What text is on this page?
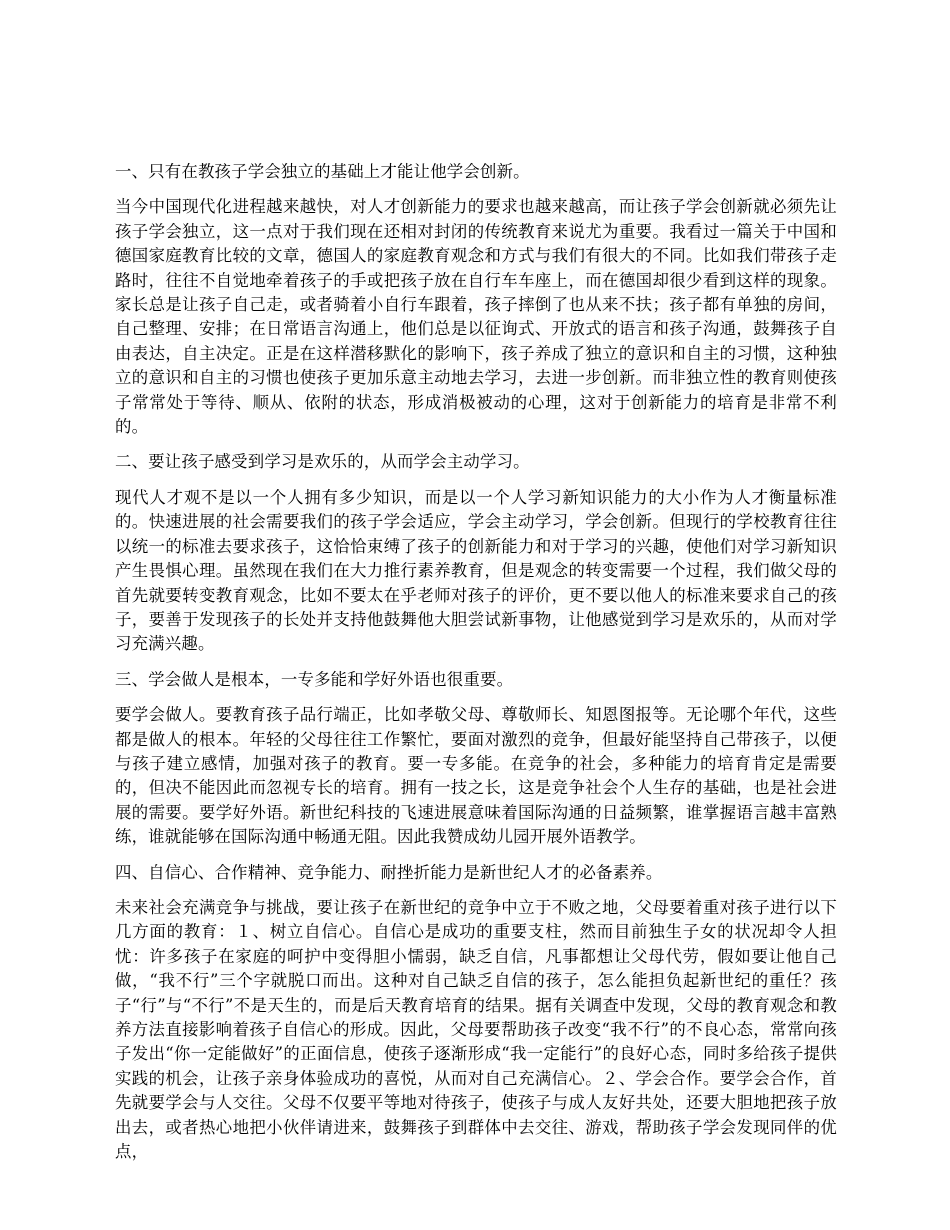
一、只有在教孩子学会独立的基础上才能让他学会创新。

当今中国现代化进程越来越快，对人才创新能力的要求也越来越高，而让孩子学会创新就必须先让孩子学会独立，这一点对于我们现在还相对封闭的传统教育来说尤为重要。我看过一篇关于中国和德国家庭教育比较的文章，德国人的家庭教育观念和方式与我们有很大的不同。比如我们带孩子走路时，往往不自觉地牵着孩子的手或把孩子放在自行车车座上，而在德国却很少看到这样的现象。家长总是让孩子自己走，或者骑着小自行车跟着，孩子摔倒了也从来不扶；孩子都有单独的房间，自己整理、安排；在日常语言沟通上，他们总是以征询式、开放式的语言和孩子沟通，鼓舞孩子自由表达，自主决定。正是在这样潜移默化的影响下，孩子养成了独立的意识和自主的习惯，这种独立的意识和自主的习惯也使孩子更加乐意主动地去学习，去进一步创新。而非独立性的教育则使孩子常常处于等待、顺从、依附的状态，形成消极被动的心理，这对于创新能力的培育是非常不利的。

二、要让孩子感受到学习是欢乐的，从而学会主动学习。

现代人才观不是以一个人拥有多少知识，而是以一个人学习新知识能力的大小作为人才衡量标准的。快速进展的社会需要我们的孩子学会适应，学会主动学习，学会创新。但现行的学校教育往往以统一的标准去要求孩子，这恰恰束缚了孩子的创新能力和对于学习的兴趣，使他们对学习新知识产生畏惧心理。虽然现在我们在大力推行素养教育，但是观念的转变需要一个过程，我们做父母的首先就要转变教育观念，比如不要太在乎老师对孩子的评价，更不要以他人的标准来要求自己的孩子，要善于发现孩子的长处并支持他鼓舞他大胆尝试新事物，让他感觉到学习是欢乐的，从而对学习充满兴趣。

三、学会做人是根本，一专多能和学好外语也很重要。

要学会做人。要教育孩子品行端正，比如孝敬父母、尊敬师长、知恩图报等。无论哪个年代，这些都是做人的根本。年轻的父母往往工作繁忙，要面对激烈的竞争，但最好能坚持自己带孩子，以便与孩子建立感情，加强对孩子的教育。要一专多能。在竞争的社会，多种能力的培育肯定是需要的，但决不能因此而忽视专长的培育。拥有一技之长，这是竞争社会个人生存的基础，也是社会进展的需要。要学好外语。新世纪科技的飞速进展意味着国际沟通的日益频繁，谁掌握语言越丰富熟练，谁就能够在国际沟通中畅通无阻。因此我赞成幼儿园开展外语教学。

四、自信心、合作精神、竞争能力、耐挫折能力是新世纪人才的必备素养。

未来社会充满竞争与挑战，要让孩子在新世纪的竞争中立于不败之地，父母要着重对孩子进行以下几方面的教育：１、树立自信心。自信心是成功的重要支柱，然而目前独生子女的状况却令人担忧：许多孩子在家庭的呵护中变得胆小懦弱，缺乏自信，凡事都想让父母代劳，假如要让他自己做，“我不行”三个字就脱口而出。这种对自己缺乏自信的孩子，怎么能担负起新世纪的重任？孩子“行”与“不行”不是天生的，而是后天教育培育的结果。据有关调查中发现，父母的教育观念和教养方法直接影响着孩子自信心的形成。因此，父母要帮助孩子改变“我不行”的不良心态，常常向孩子发出“你一定能做好”的正面信息，使孩子逐渐形成“我一定能行”的良好心态，同时多给孩子提供实践的机会，让孩子亲身体验成功的喜悦，从而对自己充满信心。２、学会合作。要学会合作，首先就要学会与人交往。父母不仅要平等地对待孩子，使孩子与成人友好共处，还要大胆地把孩子放出去，或者热心地把小伙伴请进来，鼓舞孩子到群体中去交往、游戏，帮助孩子学会发现同伴的优点，
